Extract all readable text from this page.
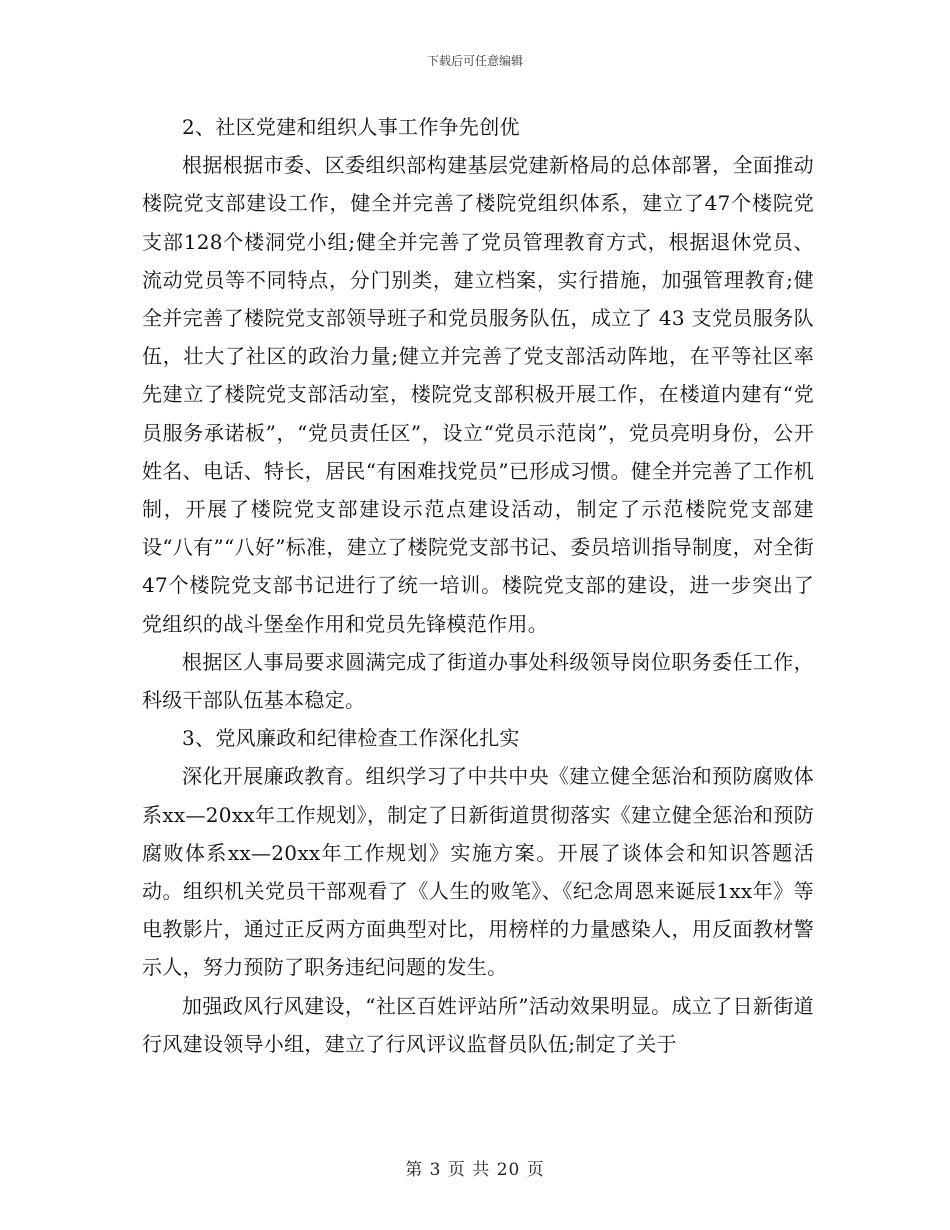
下载后可任意编辑

2、社区党建和组织人事工作争先创优

根据根据市委、区委组织部构建基层党建新格局的总体部署，全面推动楼院党支部建设工作，健全并完善了楼院党组织体系，建立了47个楼院党支部128个楼洞党小组;健全并完善了党员管理教育方式，根据退休党员、流动党员等不同特点，分门别类，建立档案，实行措施，加强管理教育;健全并完善了楼院党支部领导班子和党员服务队伍，成立了 43 支党员服务队伍，壮大了社区的政治力量;健立并完善了党支部活动阵地，在平等社区率先建立了楼院党支部活动室，楼院党支部积极开展工作，在楼道内建有“党员服务承诺板”，“党员责任区”，设立“党员示范岗”，党员亮明身份，公开姓名、电话、特长，居民“有困难找党员”已形成习惯。健全并完善了工作机制，开展了楼院党支部建设示范点建设活动，制定了示范楼院党支部建设“八有”“八好”标准，建立了楼院党支部书记、委员培训指导制度，对全街47个楼院党支部书记进行了统一培训。楼院党支部的建设，进一步突出了党组织的战斗堡垒作用和党员先锋模范作用。

根据区人事局要求圆满完成了街道办事处科级领导岗位职务委任工作，科级干部队伍基本稳定。

3、党风廉政和纪律检查工作深化扎实

深化开展廉政教育。组织学习了中共中央《建立健全惩治和预防腐败体系xx—20xx年工作规划》，制定了日新街道贯彻落实《建立健全惩治和预防腐败体系xx—20xx年工作规划》实施方案。开展了谈体会和知识答题活动。组织机关党员干部观看了《人生的败笔》、《纪念周恩来诞辰1xx年》等电教影片，通过正反两方面典型对比，用榜样的力量感染人，用反面教材警示人，努力预防了职务违纪问题的发生。

加强政风行风建设，“社区百姓评站所”活动效果明显。成立了日新街道行风建设领导小组，建立了行风评议监督员队伍;制定了关于

第 3 页 共 20 页
